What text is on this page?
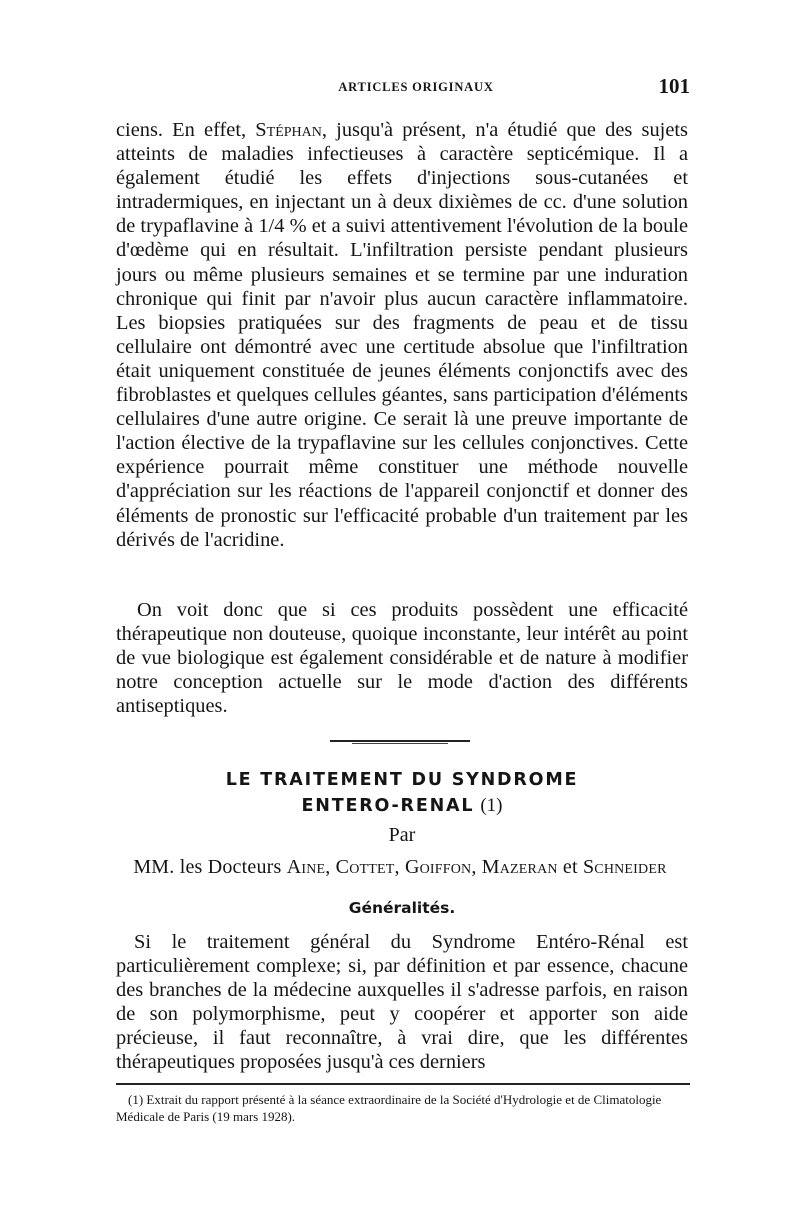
ARTICLES ORIGINAUX	101

ciens. En effet, Stéphan, jusqu'à présent, n'a étudié que des sujets atteints de maladies infectieuses à caractère septicémique. Il a également étudié les effets d'injections sous-cutanées et intradermiques, en injectant un à deux dixièmes de cc. d'une solution de trypaflavine à 1/4 % et a suivi attentivement l'évolution de la boule d'œdème qui en résultait. L'infiltration persiste pendant plusieurs jours ou même plusieurs semaines et se termine par une induration chronique qui finit par n'avoir plus aucun caractère inflammatoire. Les biopsies pratiquées sur des fragments de peau et de tissu cellulaire ont démontré avec une certitude absolue que l'infiltration était uniquement constituée de jeunes éléments conjonctifs avec des fibroblastes et quelques cellules géantes, sans participation d'éléments cellulaires d'une autre origine. Ce serait là une preuve importante de l'action élective de la trypaflavine sur les cellules conjonctives. Cette expérience pourrait même constituer une méthode nouvelle d'appréciation sur les réactions de l'appareil conjonctif et donner des éléments de pronostic sur l'efficacité probable d'un traitement par les dérivés de l'acridine.

On voit donc que si ces produits possèdent une efficacité thérapeutique non douteuse, quoique inconstante, leur intérêt au point de vue biologique est également considérable et de nature à modifier notre conception actuelle sur le mode d'action des différents antiseptiques.

LE TRAITEMENT DU SYNDROME
ENTERO-RENAL (1)
Par
MM. les Docteurs Aine, Cottet, Goiffon, Mazeran et Schneider
Généralités.

Si le traitement général du Syndrome Entéro-Rénal est particulièrement complexe; si, par définition et par essence, chacune des branches de la médecine auxquelles il s'adresse parfois, en raison de son polymorphisme, peut y coopérer et apporter son aide précieuse, il faut reconnaître, à vrai dire, que les différentes thérapeutiques proposées jusqu'à ces derniers

(1) Extrait du rapport présenté à la séance extraordinaire de la Société d'Hydrologie et de Climatologie Médicale de Paris (19 mars 1928).
